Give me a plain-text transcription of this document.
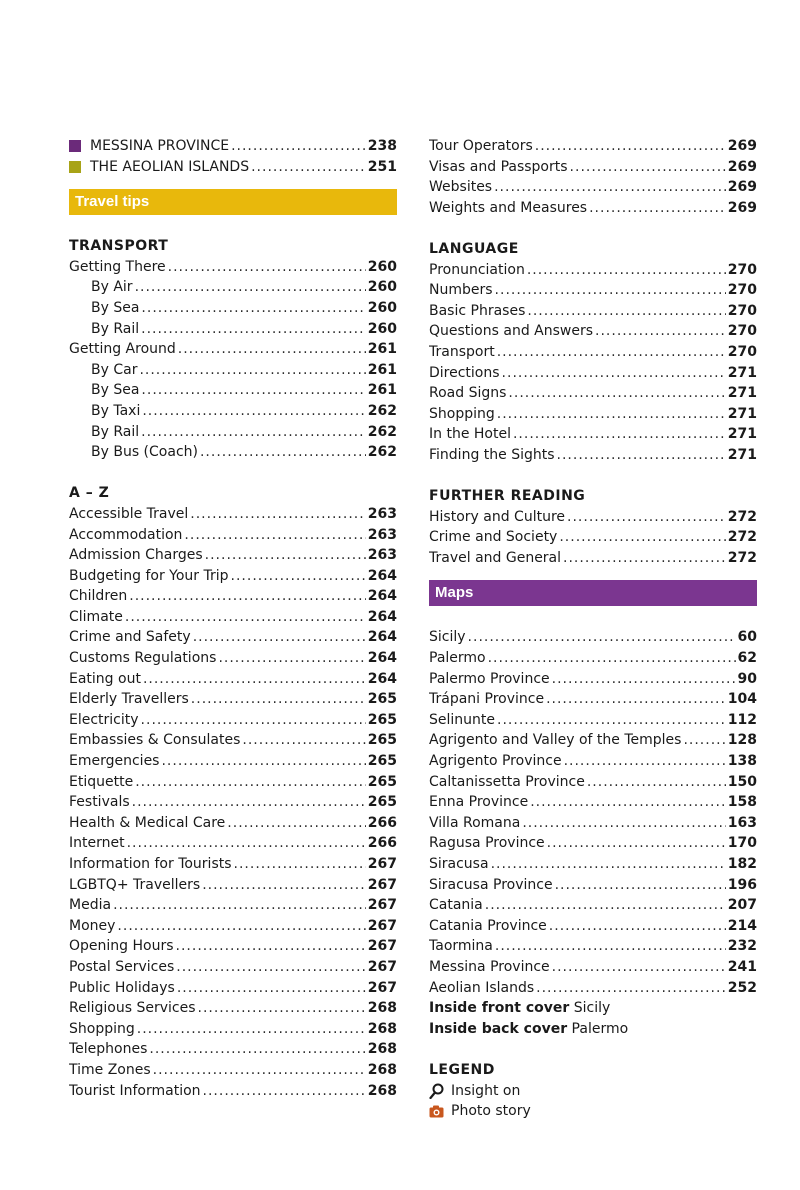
MESSINA PROVINCE .....	238
THE AEOLIAN ISLANDS .....	251
Travel tips
TRANSPORT
Getting There .....	260
By Air .....	260
By Sea .....	260
By Rail .....	260
Getting Around .....	261
By Car .....	261
By Sea .....	261
By Taxi .....	262
By Rail .....	262
By Bus (Coach) .....	262
A – Z
Accessible Travel .....	263
Accommodation .....	263
Admission Charges .....	263
Budgeting for Your Trip .....	264
Children .....	264
Climate .....	264
Crime and Safety .....	264
Customs Regulations .....	264
Eating out .....	264
Elderly Travellers .....	265
Electricity .....	265
Embassies & Consulates .....	265
Emergencies .....	265
Etiquette .....	265
Festivals .....	265
Health & Medical Care .....	266
Internet .....	266
Information for Tourists .....	267
LGBTQ+ Travellers .....	267
Media .....	267
Money .....	267
Opening Hours .....	267
Postal Services .....	267
Public Holidays .....	267
Religious Services .....	268
Shopping .....	268
Telephones .....	268
Time Zones .....	268
Tourist Information .....	268
Tour Operators .....	269
Visas and Passports .....	269
Websites .....	269
Weights and Measures .....	269
LANGUAGE
Pronunciation .....	270
Numbers .....	270
Basic Phrases .....	270
Questions and Answers .....	270
Transport .....	270
Directions .....	271
Road Signs .....	271
Shopping .....	271
In the Hotel .....	271
Finding the Sights .....	271
FURTHER READING
History and Culture .....	272
Crime and Society .....	272
Travel and General .....	272
Maps
Sicily .....	60
Palermo .....	62
Palermo Province .....	90
Trápani Province .....	104
Selinunte .....	112
Agrigento and Valley of the Temples .....	128
Agrigento Province .....	138
Caltanissetta Province .....	150
Enna Province .....	158
Villa Romana .....	163
Ragusa Province .....	170
Siracusa .....	182
Siracusa Province .....	196
Catania .....	207
Catania Province .....	214
Taormina .....	232
Messina Province .....	241
Aeolian Islands .....	252
Inside front cover Sicily
Inside back cover Palermo
LEGEND
Insight on
Photo story
